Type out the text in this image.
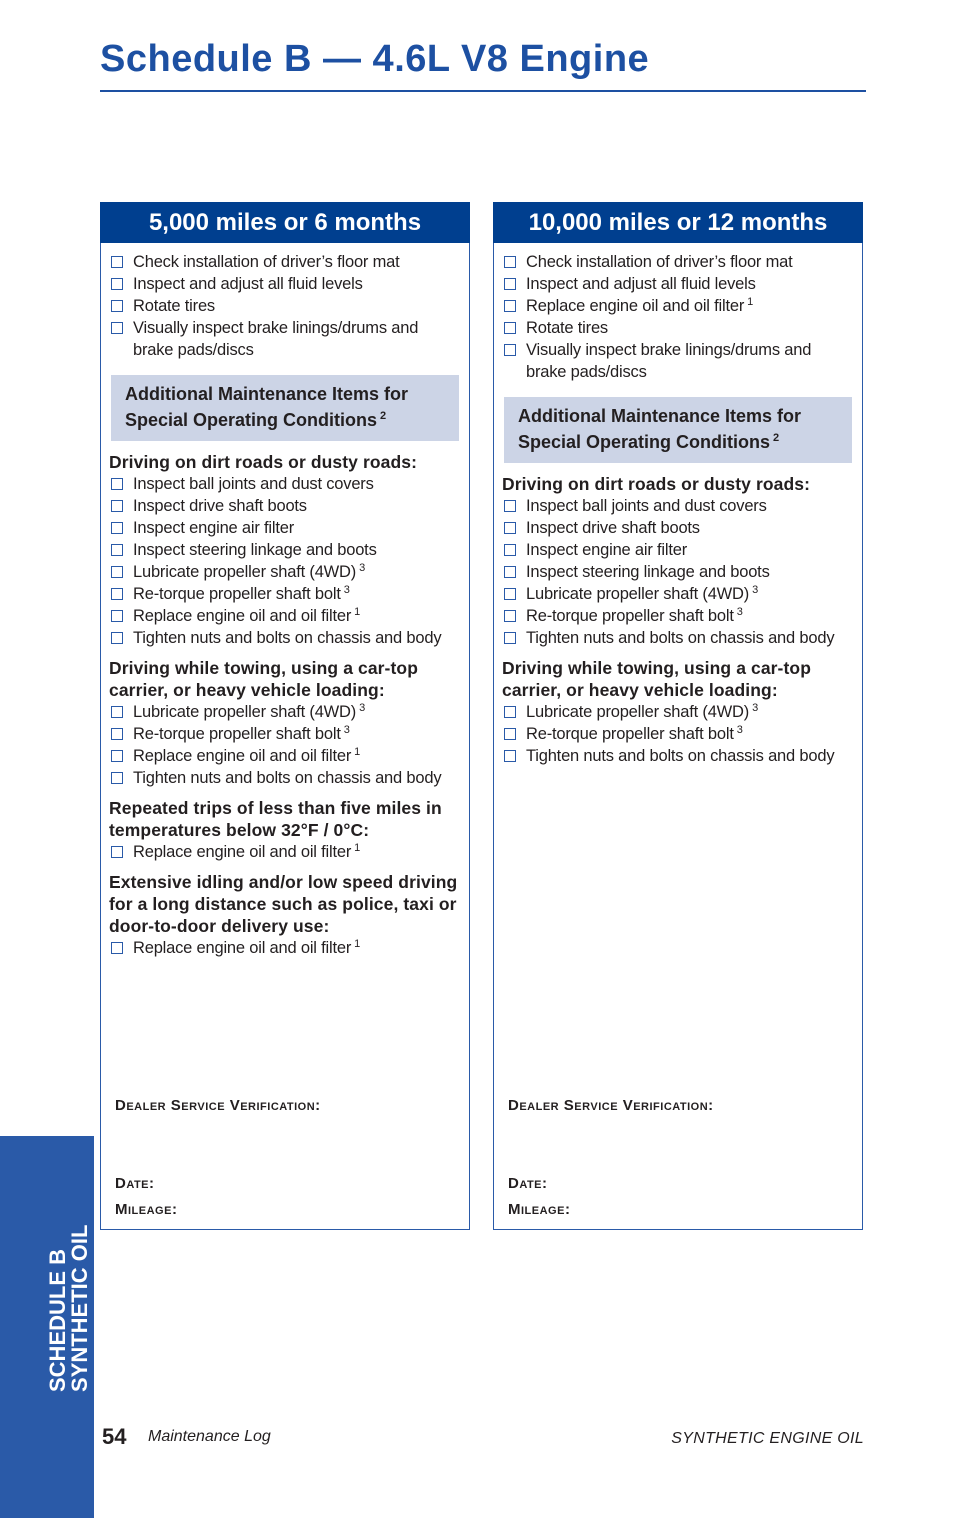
Schedule B — 4.6L V8 Engine
5,000 miles or 6 months
Check installation of driver’s floor mat
Inspect and adjust all fluid levels
Rotate tires
Visually inspect brake linings/drums and brake pads/discs
Additional Maintenance Items for
Special Operating Conditions $^2$
Driving on dirt roads or dusty roads:
Inspect ball joints and dust covers
Inspect drive shaft boots
Inspect engine air filter
Inspect steering linkage and boots
Lubricate propeller shaft (4WD) $^3$
Re-torque propeller shaft bolt $^3$
Replace engine oil and oil filter $^1$
Tighten nuts and bolts on chassis and body
Driving while towing, using a car-top carrier, or heavy vehicle loading:
Lubricate propeller shaft (4WD) $^3$
Re-torque propeller shaft bolt $^3$
Replace engine oil and oil filter $^1$
Tighten nuts and bolts on chassis and body
Repeated trips of less than five miles in temperatures below 32°F / 0°C:
Replace engine oil and oil filter $^1$
Extensive idling and/or low speed driving for a long distance such as police, taxi or door-to-door delivery use:
Replace engine oil and oil filter $^1$
Dealer Service Verification:
Date:
Mileage:
10,000 miles or 12 months
Check installation of driver’s floor mat
Inspect and adjust all fluid levels
Replace engine oil and oil filter $^1$
Rotate tires
Visually inspect brake linings/drums and brake pads/discs
Additional Maintenance Items for
Special Operating Conditions $^2$
Driving on dirt roads or dusty roads:
Inspect ball joints and dust covers
Inspect drive shaft boots
Inspect engine air filter
Inspect steering linkage and boots
Lubricate propeller shaft (4WD) $^3$
Re-torque propeller shaft bolt $^3$
Tighten nuts and bolts on chassis and body
Driving while towing, using a car-top carrier, or heavy vehicle loading:
Lubricate propeller shaft (4WD) $^3$
Re-torque propeller shaft bolt $^3$
Tighten nuts and bolts on chassis and body
Dealer Service Verification:
Date:
Mileage:
SCHEDULE B
SYNTHETIC OIL
54 Maintenance Log	SYNTHETIC ENGINE OIL
